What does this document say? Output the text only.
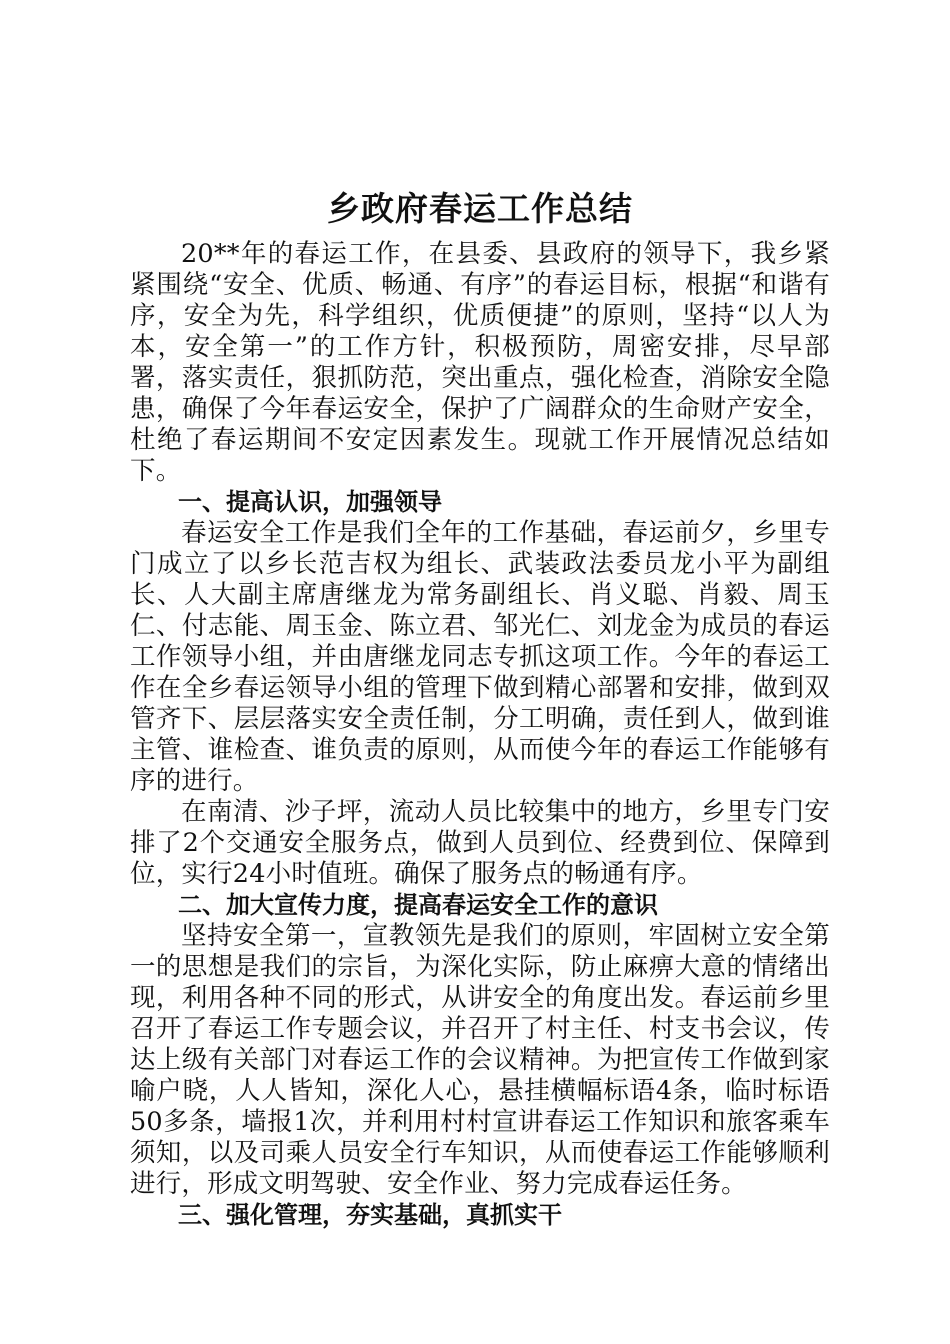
乡政府春运工作总结

20**年的春运工作，在县委、县政府的领导下，我乡紧紧围绕“安全、优质、畅通、有序”的春运目标，根据“和谐有序，安全为先，科学组织，优质便捷”的原则，坚持“以人为本，安全第一”的工作方针，积极预防，周密安排，尽早部署，落实责任，狠抓防范，突出重点，强化检查，消除安全隐患，确保了今年春运安全，保护了广阔群众的生命财产安全，杜绝了春运期间不安定因素发生。现就工作开展情况总结如下。

一、提高认识，加强领导

春运安全工作是我们全年的工作基础，春运前夕，乡里专门成立了以乡长范吉权为组长、武装政法委员龙小平为副组长、人大副主席唐继龙为常务副组长、肖义聪、肖毅、周玉仁、付志能、周玉金、陈立君、邹光仁、刘龙金为成员的春运工作领导小组，并由唐继龙同志专抓这项工作。今年的春运工作在全乡春运领导小组的管理下做到精心部署和安排，做到双管齐下、层层落实安全责任制，分工明确，责任到人，做到谁主管、谁检查、谁负责的原则，从而使今年的春运工作能够有序的进行。

在南清、沙子坪，流动人员比较集中的地方，乡里专门安排了2个交通安全服务点，做到人员到位、经费到位、保障到位，实行24小时值班。确保了服务点的畅通有序。

二、加大宣传力度，提高春运安全工作的意识

坚持安全第一，宣教领先是我们的原则，牢固树立安全第一的思想是我们的宗旨，为深化实际，防止麻痹大意的情绪出现，利用各种不同的形式，从讲安全的角度出发。春运前乡里召开了春运工作专题会议，并召开了村主任、村支书会议，传达上级有关部门对春运工作的会议精神。为把宣传工作做到家喻户晓，人人皆知，深化人心，悬挂横幅标语4条，临时标语50多条，墙报1次，并利用村村宣讲春运工作知识和旅客乘车须知，以及司乘人员安全行车知识，从而使春运工作能够顺利进行，形成文明驾驶、安全作业、努力完成春运任务。

三、强化管理，夯实基础，真抓实干
